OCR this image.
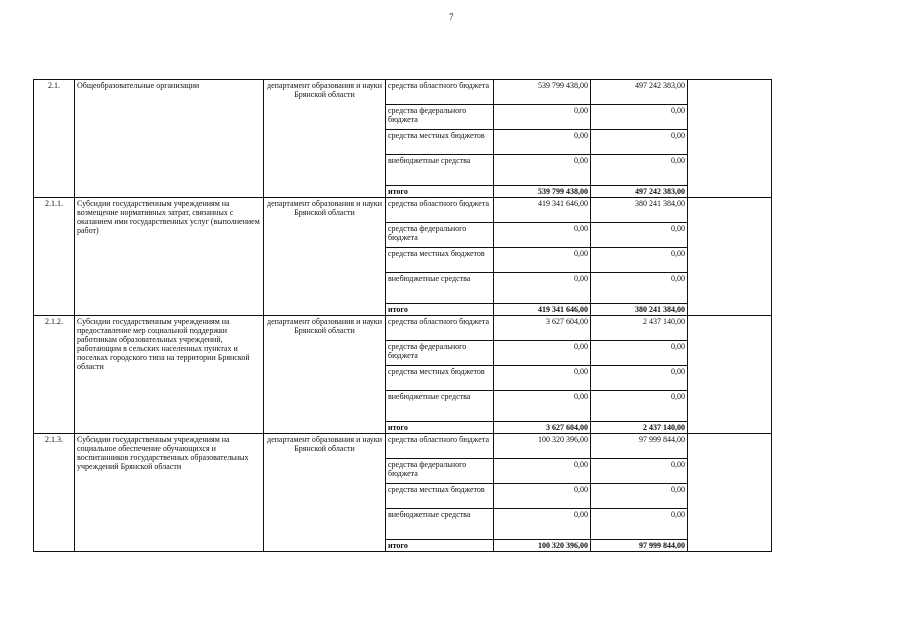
7
2.1.	Общеобразовательные организации	департамент образования и науки Брянской области	средства областного бюджета	539 799 438,00	497 242 383,00	
			средства федерального бюджета	0,00	0,00	
			средства местных бюджетов	0,00	0,00	
			внебюджетные средства	0,00	0,00	
			итого	539 799 438,00	497 242 383,00	
2.1.1.	Субсидии государственным учреждениям на возмещение нормативных затрат, связанных с оказанием ими государственных услуг (выполнением работ)	департамент образования и науки Брянской области	средства областного бюджета	419 341 646,00	380 241 384,00	
			средства федерального бюджета	0,00	0,00	
			средства местных бюджетов	0,00	0,00	
			внебюджетные средства	0,00	0,00	
			итого	419 341 646,00	380 241 384,00	
2.1.2.	Субсидии государственным учреждениям на предоставление мер социальной поддержки работникам образовательных учреждений, работающим в сельских населенных пунктах и поселках городского типа на территории Брянской области	департамент образования и науки Брянской области	средства областного бюджета	3 627 604,00	2 437 140,00	
			средства федерального бюджета	0,00	0,00	
			средства местных бюджетов	0,00	0,00	
			внебюджетные средства	0,00	0,00	
			итого	3 627 604,00	2 437 140,00	
2.1.3.	Субсидии государственным учреждениям на социальное обеспечение обучающихся и воспитанников государственных образовательных учреждений Брянской области	департамент образования и науки Брянской области	средства областного бюджета	100 320 396,00	97 999 844,00	
			средства федерального бюджета	0,00	0,00	
			средства местных бюджетов	0,00	0,00	
			внебюджетные средства	0,00	0,00	
			итого	100 320 396,00	97 999 844,00	
